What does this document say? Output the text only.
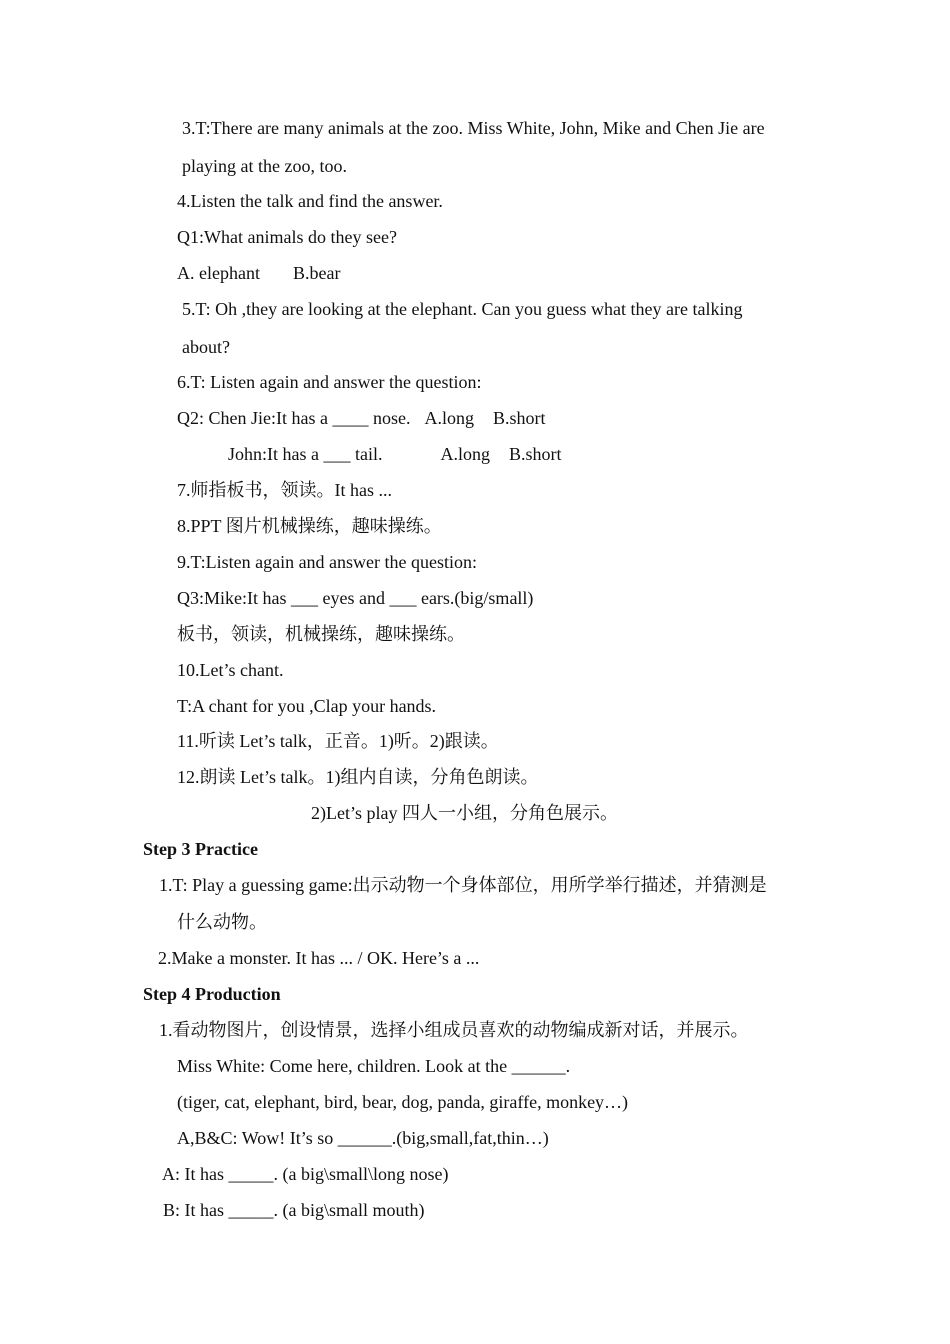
3.T:There are many animals at the zoo. Miss White, John, Mike and Chen Jie are
playing at the zoo, too.
4.Listen the talk and find the answer.
Q1:What animals do they see?
A. elephant B.bear
5.T: Oh ,they are looking at the elephant. Can you guess what they are talking
about?
6.T: Listen again and answer the question:
Q2: Chen Jie:It has a ____ nose. A.long B.short
John:It has a ___ tail.	A.long B.short
7.师指板书，领读。It has ...
8.PPT 图片机械操练，趣味操练。
9.T:Listen again and answer the question:
Q3:Mike:It has ___ eyes and ___ ears.(big/small)
板书，领读，机械操练，趣味操练。
10.Let’s chant.
T:A chant for you ,Clap your hands.
11.听读 Let’s talk，正音。1)听。2)跟读。
12.朗读 Let’s talk。1)组内自读，分角色朗读。
2)Let’s play 四人一小组，分角色展示。
Step 3 Practice
1.T: Play a guessing game:出示动物一个身体部位，用所学举行描述，并猜测是
什么动物。
2.Make a monster. It has ... / OK. Here’s a ...
Step 4 Production
1.看动物图片，创设情景，选择小组成员喜欢的动物编成新对话，并展示。
Miss White: Come here, children. Look at the ______.
(tiger, cat, elephant, bird, bear, dog, panda, giraffe, monkey…)
A,B&C: Wow! It’s so ______.(big,small,fat,thin…)
A: It has _____. (a big\small\long nose)
B: It has _____. (a big\small mouth)
